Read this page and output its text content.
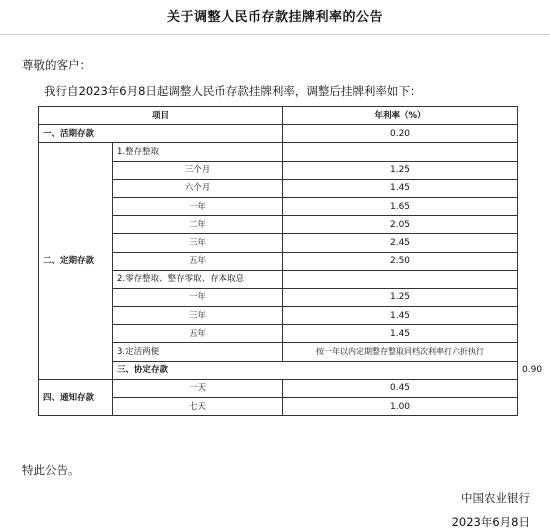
关于调整人民币存款挂牌利率的公告
尊敬的客户：
我行自2023年6月8日起调整人民币存款挂牌利率，调整后挂牌利率如下：
项目		年利率（%）	
一、活期存款		0.20	
二、定期存款	1.整存整取		
	三个月	1.25	
	六个月	1.45	
	一年	1.65	
	二年	2.05	
	三年	2.45	
	五年	2.50	
	2.零存整取、整存零取、存本取息		
	一年	1.25	
	三年	1.45	
	五年	1.45	
	3.定活两便	按一年以内定期整存整取同档次利率打六折执行	
	三、协定存款		0.90
四、通知存款	一天	0.45	
	七天	1.00	
特此公告。
中国农业银行
2023年6月8日
